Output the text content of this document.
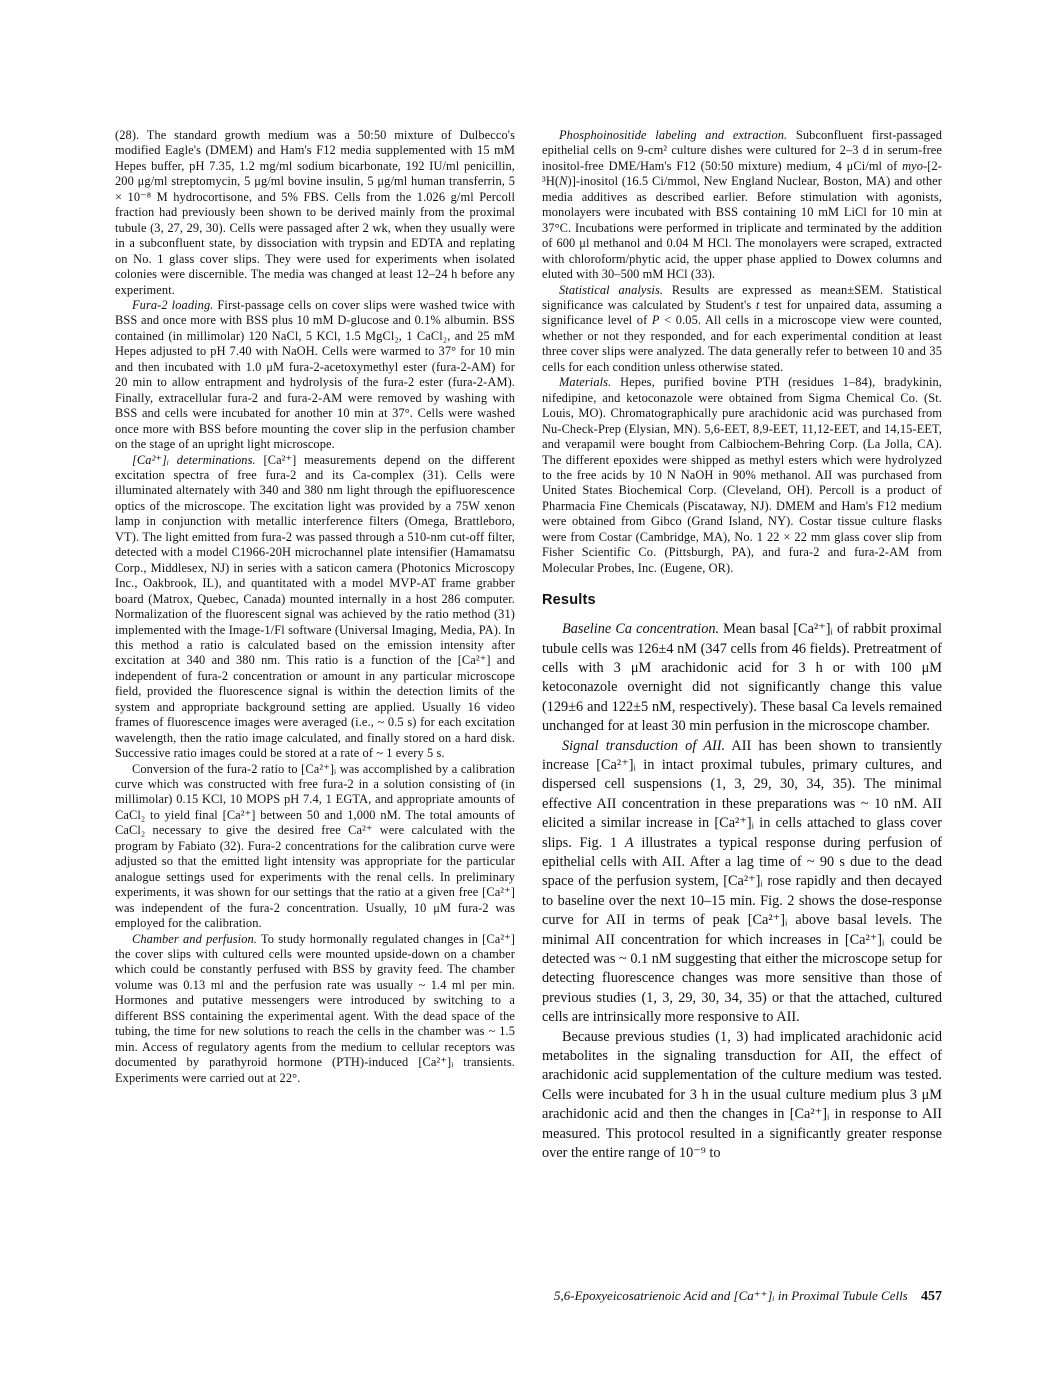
(28). The standard growth medium was a 50:50 mixture of Dulbecco's modified Eagle's (DMEM) and Ham's F12 media supplemented with 15 mM Hepes buffer, pH 7.35, 1.2 mg/ml sodium bicarbonate, 192 IU/ml penicillin, 200 μg/ml streptomycin, 5 μg/ml bovine insulin, 5 μg/ml human transferrin, 5 × 10⁻⁸ M hydrocortisone, and 5% FBS. Cells from the 1.026 g/ml Percoll fraction had previously been shown to be derived mainly from the proximal tubule (3, 27, 29, 30). Cells were passaged after 2 wk, when they usually were in a subconfluent state, by dissociation with trypsin and EDTA and replating on No. 1 glass cover slips. They were used for experiments when isolated colonies were discernible. The media was changed at least 12–24 h before any experiment.

Fura-2 loading. First-passage cells on cover slips were washed twice with BSS and once more with BSS plus 10 mM D-glucose and 0.1% albumin. BSS contained (in millimolar) 120 NaCl, 5 KCl, 1.5 MgCl₂, 1 CaCl₂, and 25 mM Hepes adjusted to pH 7.40 with NaOH. Cells were warmed to 37° for 10 min and then incubated with 1.0 μM fura-2-acetoxymethyl ester (fura-2-AM) for 20 min to allow entrapment and hydrolysis of the fura-2 ester (fura-2-AM). Finally, extracellular fura-2 and fura-2-AM were removed by washing with BSS and cells were incubated for another 10 min at 37°. Cells were washed once more with BSS before mounting the cover slip in the perfusion chamber on the stage of an upright light microscope.

[Ca²⁺]ᵢ determinations. [Ca²⁺] measurements depend on the different excitation spectra of free fura-2 and its Ca-complex (31). Cells were illuminated alternately with 340 and 380 nm light through the epifluorescence optics of the microscope. The excitation light was provided by a 75W xenon lamp in conjunction with metallic interference filters (Omega, Brattleboro, VT). The light emitted from fura-2 was passed through a 510-nm cut-off filter, detected with a model C1966-20H microchannel plate intensifier (Hamamatsu Corp., Middlesex, NJ) in series with a saticon camera (Photonics Microscopy Inc., Oakbrook, IL), and quantitated with a model MVP-AT frame grabber board (Matrox, Quebec, Canada) mounted internally in a host 286 computer. Normalization of the fluorescent signal was achieved by the ratio method (31) implemented with the Image-1/Fl software (Universal Imaging, Media, PA). In this method a ratio is calculated based on the emission intensity after excitation at 340 and 380 nm. This ratio is a function of the [Ca²⁺] and independent of fura-2 concentration or amount in any particular microscope field, provided the fluorescence signal is within the detection limits of the system and appropriate background setting are applied. Usually 16 video frames of fluorescence images were averaged (i.e., ~ 0.5 s) for each excitation wavelength, then the ratio image calculated, and finally stored on a hard disk. Successive ratio images could be stored at a rate of ~ 1 every 5 s.

Conversion of the fura-2 ratio to [Ca²⁺]ᵢ was accomplished by a calibration curve which was constructed with free fura-2 in a solution consisting of (in millimolar) 0.15 KCl, 10 MOPS pH 7.4, 1 EGTA, and appropriate amounts of CaCl₂ to yield final [Ca²⁺] between 50 and 1,000 nM. The total amounts of CaCl₂ necessary to give the desired free Ca²⁺ were calculated with the program by Fabiato (32). Fura-2 concentrations for the calibration curve were adjusted so that the emitted light intensity was appropriate for the particular analogue settings used for experiments with the renal cells. In preliminary experiments, it was shown for our settings that the ratio at a given free [Ca²⁺] was independent of the fura-2 concentration. Usually, 10 μM fura-2 was employed for the calibration.

Chamber and perfusion. To study hormonally regulated changes in [Ca²⁺] the cover slips with cultured cells were mounted upside-down on a chamber which could be constantly perfused with BSS by gravity feed. The chamber volume was 0.13 ml and the perfusion rate was usually ~ 1.4 ml per min. Hormones and putative messengers were introduced by switching to a different BSS containing the experimental agent. With the dead space of the tubing, the time for new solutions to reach the cells in the chamber was ~ 1.5 min. Access of regulatory agents from the medium to cellular receptors was documented by parathyroid hormone (PTH)-induced [Ca²⁺]ᵢ transients. Experiments were carried out at 22°.

Phosphoinositide labeling and extraction. Subconfluent first-passaged epithelial cells on 9-cm² culture dishes were cultured for 2–3 d in serum-free inositol-free DME/Ham's F12 (50:50 mixture) medium, 4 μCi/ml of myo-[2-³H(N)]-inositol (16.5 Ci/mmol, New England Nuclear, Boston, MA) and other media additives as described earlier. Before stimulation with agonists, monolayers were incubated with BSS containing 10 mM LiCl for 10 min at 37°C. Incubations were performed in triplicate and terminated by the addition of 600 μl methanol and 0.04 M HCl. The monolayers were scraped, extracted with chloroform/phytic acid, the upper phase applied to Dowex columns and eluted with 30–500 mM HCl (33).

Statistical analysis. Results are expressed as mean±SEM. Statistical significance was calculated by Student's t test for unpaired data, assuming a significance level of P < 0.05. All cells in a microscope view were counted, whether or not they responded, and for each experimental condition at least three cover slips were analyzed. The data generally refer to between 10 and 35 cells for each condition unless otherwise stated.

Materials. Hepes, purified bovine PTH (residues 1–84), bradykinin, nifedipine, and ketoconazole were obtained from Sigma Chemical Co. (St. Louis, MO). Chromatographically pure arachidonic acid was purchased from Nu-Check-Prep (Elysian, MN). 5,6-EET, 8,9-EET, 11,12-EET, and 14,15-EET, and verapamil were bought from Calbiochem-Behring Corp. (La Jolla, CA). The different epoxides were shipped as methyl esters which were hydrolyzed to the free acids by 10 N NaOH in 90% methanol. AII was purchased from United States Biochemical Corp. (Cleveland, OH). Percoll is a product of Pharmacia Fine Chemicals (Piscataway, NJ). DMEM and Ham's F12 medium were obtained from Gibco (Grand Island, NY). Costar tissue culture flasks were from Costar (Cambridge, MA), No. 1 22 × 22 mm glass cover slip from Fisher Scientific Co. (Pittsburgh, PA), and fura-2 and fura-2-AM from Molecular Probes, Inc. (Eugene, OR).

Results

Baseline Ca concentration. Mean basal [Ca²⁺]ᵢ of rabbit proximal tubule cells was 126±4 nM (347 cells from 46 fields). Pretreatment of cells with 3 μM arachidonic acid for 3 h or with 100 μM ketoconazole overnight did not significantly change this value (129±6 and 122±5 nM, respectively). These basal Ca levels remained unchanged for at least 30 min perfusion in the microscope chamber.

Signal transduction of AII. AII has been shown to transiently increase [Ca²⁺]ᵢ in intact proximal tubules, primary cultures, and dispersed cell suspensions (1, 3, 29, 30, 34, 35). The minimal effective AII concentration in these preparations was ~ 10 nM. AII elicited a similar increase in [Ca²⁺]ᵢ in cells attached to glass cover slips. Fig. 1 A illustrates a typical response during perfusion of epithelial cells with AII. After a lag time of ~ 90 s due to the dead space of the perfusion system, [Ca²⁺]ᵢ rose rapidly and then decayed to baseline over the next 10–15 min. Fig. 2 shows the dose-response curve for AII in terms of peak [Ca²⁺]ᵢ above basal levels. The minimal AII concentration for which increases in [Ca²⁺]ᵢ could be detected was ~ 0.1 nM suggesting that either the microscope setup for detecting fluorescence changes was more sensitive than those of previous studies (1, 3, 29, 30, 34, 35) or that the attached, cultured cells are intrinsically more responsive to AII.

Because previous studies (1, 3) had implicated arachidonic acid metabolites in the signaling transduction for AII, the effect of arachidonic acid supplementation of the culture medium was tested. Cells were incubated for 3 h in the usual culture medium plus 3 μM arachidonic acid and then the changes in [Ca²⁺]ᵢ in response to AII measured. This protocol resulted in a significantly greater response over the entire range of 10⁻⁹ to

5,6-Epoxyeicosatrienoic Acid and [Ca⁺⁺]ᵢ in Proximal Tubule Cells 457
